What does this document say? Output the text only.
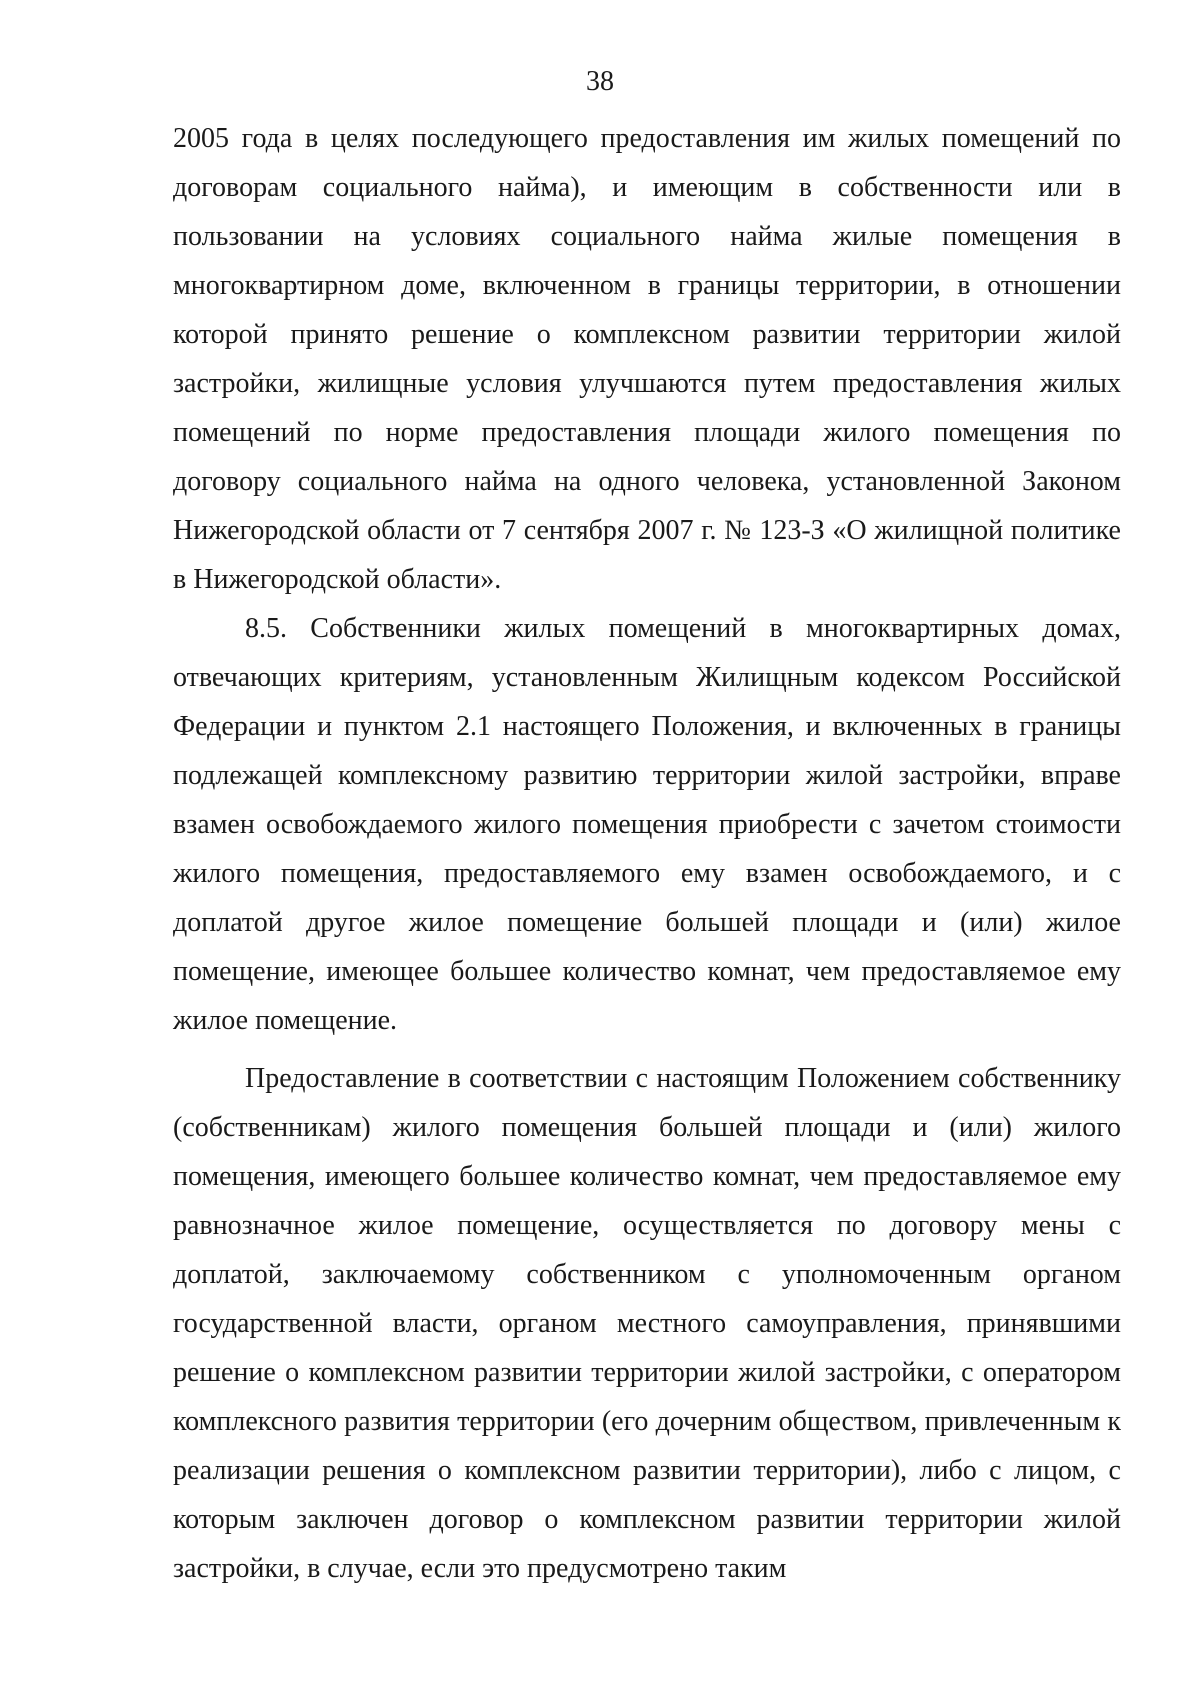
38

2005 года в целях последующего предоставления им жилых помещений по договорам социального найма), и имеющим в собственности или в пользовании на условиях социального найма жилые помещения в многоквартирном доме, включенном в границы территории, в отношении которой принято решение о комплексном развитии территории жилой застройки, жилищные условия улучшаются путем предоставления жилых помещений по норме предоставления площади жилого помещения по договору социального найма на одного человека, установленной Законом Нижегородской области от 7 сентября 2007 г. № 123-З «О жилищной политике в Нижегородской области».

8.5. Собственники жилых помещений в многоквартирных домах, отвечающих критериям, установленным Жилищным кодексом Российской Федерации и пунктом 2.1 настоящего Положения, и включенных в границы подлежащей комплексному развитию территории жилой застройки, вправе взамен освобождаемого жилого помещения приобрести с зачетом стоимости жилого помещения, предоставляемого ему взамен освобождаемого, и с доплатой другое жилое помещение большей площади и (или) жилое помещение, имеющее большее количество комнат, чем предоставляемое ему жилое помещение.

Предоставление в соответствии с настоящим Положением собственнику (собственникам) жилого помещения большей площади и (или) жилого помещения, имеющего большее количество комнат, чем предоставляемое ему равнозначное жилое помещение, осуществляется по договору мены с доплатой, заключаемому собственником с уполномоченным органом государственной власти, органом местного самоуправления, принявшими решение о комплексном развитии территории жилой застройки, с оператором комплексного развития территории (его дочерним обществом, привлеченным к реализации решения о комплексном развитии территории), либо с лицом, с которым заключен договор о комплексном развитии территории жилой застройки, в случае, если это предусмотрено таким
